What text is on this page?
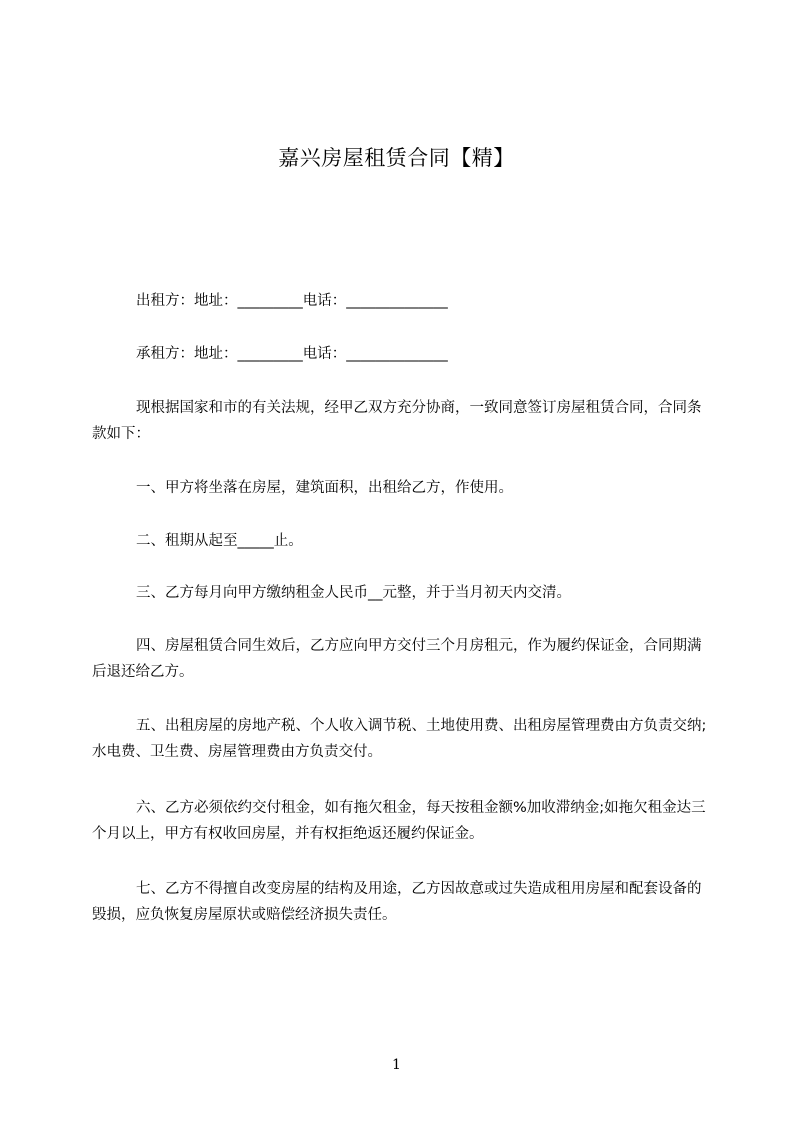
嘉兴房屋租赁合同【精】

出租方：地址：_________电话：______________

承租方：地址：_________电话：______________

现根据国家和市的有关法规，经甲乙双方充分协商，一致同意签订房屋租赁合同，合同条款如下：

一、甲方将坐落在房屋，建筑面积，出租给乙方，作使用。

二、租期从起至_____止。

三、乙方每月向甲方缴纳租金人民币__元整，并于当月初天内交清。

四、房屋租赁合同生效后，乙方应向甲方交付三个月房租元，作为履约保证金，合同期满后退还给乙方。

五、出租房屋的房地产税、个人收入调节税、土地使用费、出租房屋管理费由方负责交纳;水电费、卫生费、房屋管理费由方负责交付。

六、乙方必须依约交付租金，如有拖欠租金，每天按租金额%加收滞纳金;如拖欠租金达三个月以上，甲方有权收回房屋，并有权拒绝返还履约保证金。

七、乙方不得擅自改变房屋的结构及用途，乙方因故意或过失造成租用房屋和配套设备的毁损，应负恢复房屋原状或赔偿经济损失责任。

1
